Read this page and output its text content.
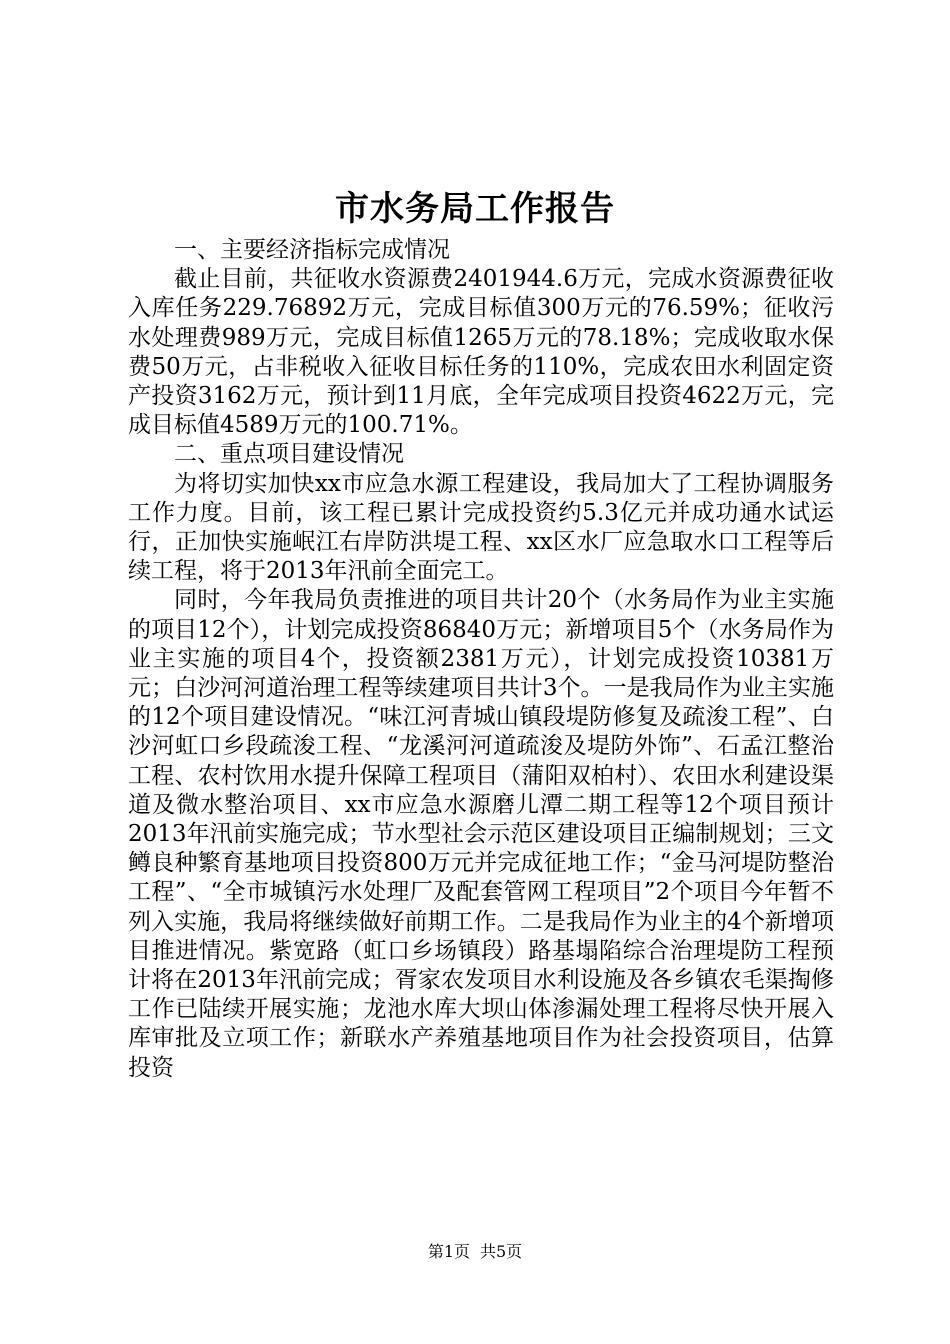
市水务局工作报告

一、主要经济指标完成情况

截止目前，共征收水资源费2401944.6万元，完成水资源费征收入库任务229.76892万元，完成目标值300万元的76.59%；征收污水处理费989万元，完成目标值1265万元的78.18%；完成收取水保费50万元，占非税收入征收目标任务的110%，完成农田水利固定资产投资3162万元，预计到11月底，全年完成项目投资4622万元，完成目标值4589万元的100.71%。

二、重点项目建设情况

为将切实加快xx市应急水源工程建设，我局加大了工程协调服务工作力度。目前，该工程已累计完成投资约5.3亿元并成功通水试运行，正加快实施岷江右岸防洪堤工程、xx区水厂应急取水口工程等后续工程，将于2013年汛前全面完工。

同时，今年我局负责推进的项目共计20个（水务局作为业主实施的项目12个），计划完成投资86840万元；新增项目5个（水务局作为业主实施的项目4个，投资额2381万元），计划完成投资10381万元；白沙河河道治理工程等续建项目共计3个。一是我局作为业主实施的12个项目建设情况。“味江河青城山镇段堤防修复及疏浚工程”、白沙河虹口乡段疏浚工程、“龙溪河河道疏浚及堤防外饰”、石孟江整治工程、农村饮用水提升保障工程项目（蒲阳双柏村）、农田水利建设渠道及微水整治项目、xx市应急水源磨儿潭二期工程等12个项目预计2013年汛前实施完成；节水型社会示范区建设项目正编制规划；三文鳟良种繁育基地项目投资800万元并完成征地工作；“金马河堤防整治工程”、“全市城镇污水处理厂及配套管网工程项目”2个项目今年暂不列入实施，我局将继续做好前期工作。二是我局作为业主的4个新增项目推进情况。紫宽路（虹口乡场镇段）路基塌陷综合治理堤防工程预计将在2013年汛前完成；胥家农发项目水利设施及各乡镇农毛渠掏修工作已陆续开展实施；龙池水库大坝山体渗漏处理工程将尽快开展入库审批及立项工作；新联水产养殖基地项目作为社会投资项目，估算投资

第1页 共5页
